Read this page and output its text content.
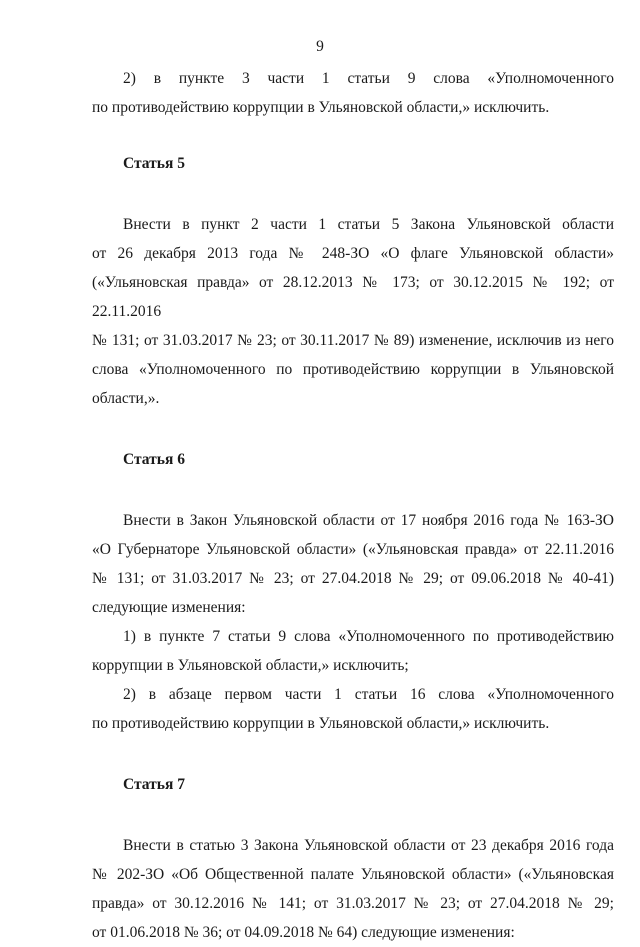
9

2) в пункте 3 части 1 статьи 9 слова «Уполномоченного

по противодействию коррупции в Ульяновской области,» исключить.

Статья 5

Внести в пункт 2 части 1 статьи 5 Закона Ульяновской области

от 26 декабря 2013 года № 248-ЗО «О флаге Ульяновской области»

(«Ульяновская правда» от 28.12.2013 № 173; от 30.12.2015 № 192; от 22.11.2016

№ 131; от 31.03.2017 № 23; от 30.11.2017 № 89) изменение, исключив из него

слова «Уполномоченного по противодействию коррупции в Ульяновской

области,».

Статья 6

Внести в Закон Ульяновской области от 17 ноября 2016 года № 163-ЗО

«О Губернаторе Ульяновской области» («Ульяновская правда» от 22.11.2016

№ 131; от 31.03.2017 № 23; от 27.04.2018 № 29; от 09.06.2018 № 40-41)

следующие изменения:

1) в пункте 7 статьи 9 слова «Уполномоченного по противодействию

коррупции в Ульяновской области,» исключить;

2) в абзаце первом части 1 статьи 16 слова «Уполномоченного

по противодействию коррупции в Ульяновской области,» исключить.

Статья 7

Внести в статью 3 Закона Ульяновской области от 23 декабря 2016 года

№ 202-ЗО «Об Общественной палате Ульяновской области» («Ульяновская

правда» от 30.12.2016 № 141; от 31.03.2017 № 23; от 27.04.2018 № 29;

от 01.06.2018 № 36; от 04.09.2018 № 64) следующие изменения:
